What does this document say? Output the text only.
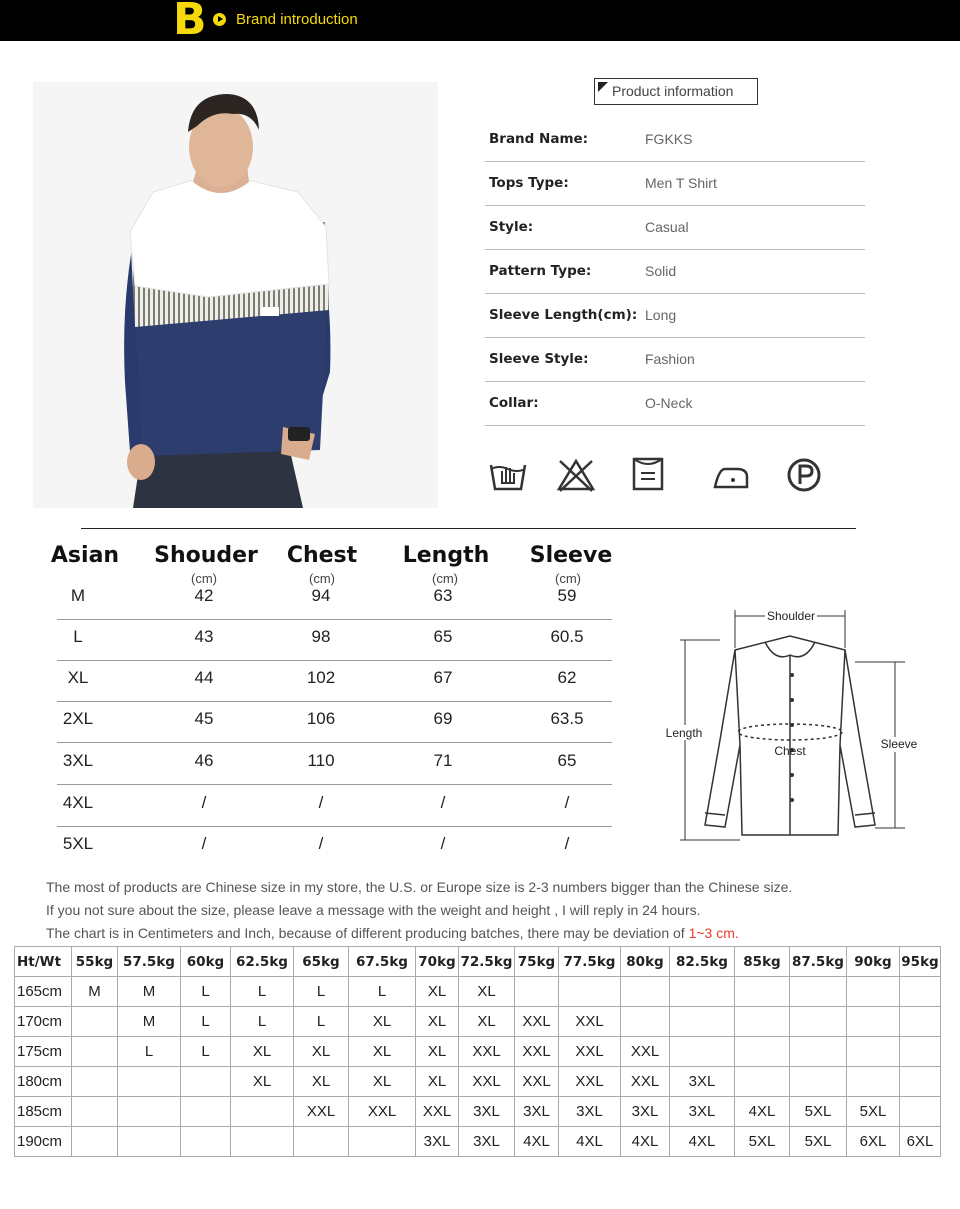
B Brand introduction
Product information
Brand Name:	FGKKS
Tops Type:	Men T Shirt
Style:	Casual
Pattern Type:	Solid
Sleeve Length(cm): Long
Sleeve Style:	Fashion
Collar:	O-Neck
Asian	Shouder	Chest	Length	Sleeve
(cm)	(cm)	(cm)	(cm)
M	42	94	63	59
L	43	98	65	60.5
XL	44	102	67	62
2XL	45	106	69	63.5
3XL	46	110	71	65
4XL	/	/	/	/
5XL	/	/	/	/
Shoulder
Length
Chest	Sleeve
The most of products are Chinese size in my store, the U.S. or Europe size is 2-3 numbers bigger than the Chinese size.
If you not sure about the size, please leave a message with the weight and height , I will reply in 24 hours.
The chart is in Centimeters and Inch, because of different producing batches, there may be deviation of 1~3 cm.
Ht/Wt	55kg	57.5kg	60kg	62.5kg	65kg	67.5kg	70kg	72.5kg	75kg	77.5kg	80kg	82.5kg	85kg	87.5kg	90kg	95kg
165cm	M	M	L	L	L	L	XL	XL								
170cm		M	L	L	L	XL	XL	XL	XXL	XXL						
175cm		L	L	XL	XL	XL	XL	XXL	XXL	XXL	XXL					
180cm				XL	XL	XL	XL	XXL	XXL	XXL	XXL	3XL				
185cm					XXL	XXL	XXL	3XL	3XL	3XL	3XL	3XL	4XL	5XL	5XL	
190cm							3XL	3XL	4XL	4XL	4XL	4XL	5XL	5XL	6XL	6XL
